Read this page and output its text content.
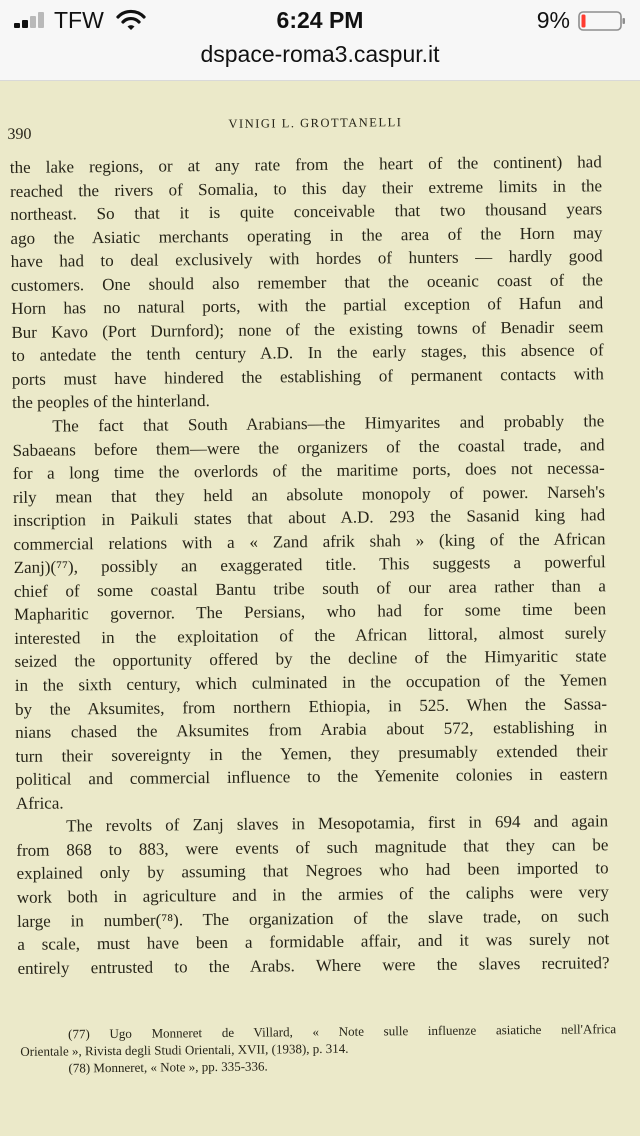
TFW	6:24 PM	9%
dspace-roma3.caspur.it
390
VINIGI L. GROTTANELLI
the lake regions, or at any rate from the heart of the continent) had
reached the rivers of Somalia, to this day their extreme limits in the
northeast. So that it is quite conceivable that two thousand years
ago the Asiatic merchants operating in the area of the Horn may
have had to deal exclusively with hordes of hunters — hardly good
customers. One should also remember that the oceanic coast of the
Horn has no natural ports, with the partial exception of Hafun and
Bur Kavo (Port Durnford); none of the existing towns of Benadir seem
to antedate the tenth century A.D. In the early stages, this absence of
ports must have hindered the establishing of permanent contacts with
the peoples of the hinterland.
The fact that South Arabians—the Himyarites and probably the
Sabaeans before them—were the organizers of the coastal trade, and
for a long time the overlords of the maritime ports, does not necessa-
rily mean that they held an absolute monopoly of power. Narseh's
inscription in Paikuli states that about A.D. 293 the Sasanid king had
commercial relations with a « Zand afrik shah » (king of the African
Zanj)(⁷⁷), possibly an exaggerated title. This suggests a powerful
chief of some coastal Bantu tribe south of our area rather than a
Mapharitic governor. The Persians, who had for some time been
interested in the exploitation of the African littoral, almost surely
seized the opportunity offered by the decline of the Himyaritic state
in the sixth century, which culminated in the occupation of the Yemen
by the Aksumites, from northern Ethiopia, in 525. When the Sassa-
nians chased the Aksumites from Arabia about 572, establishing in
turn their sovereignty in the Yemen, they presumably extended their
political and commercial influence to the Yemenite colonies in eastern
Africa.
The revolts of Zanj slaves in Mesopotamia, first in 694 and again
from 868 to 883, were events of such magnitude that they can be
explained only by assuming that Negroes who had been imported to
work both in agriculture and in the armies of the caliphs were very
large in number(⁷⁸). The organization of the slave trade, on such
a scale, must have been a formidable affair, and it was surely not
entirely entrusted to the Arabs. Where were the slaves recruited?
(77) Ugo Monneret de Villard, « Note sulle influenze asiatiche nell'Africa
Orientale », Rivista degli Studi Orientali, XVII, (1938), p. 314.
(78) Monneret, « Note », pp. 335-336.
